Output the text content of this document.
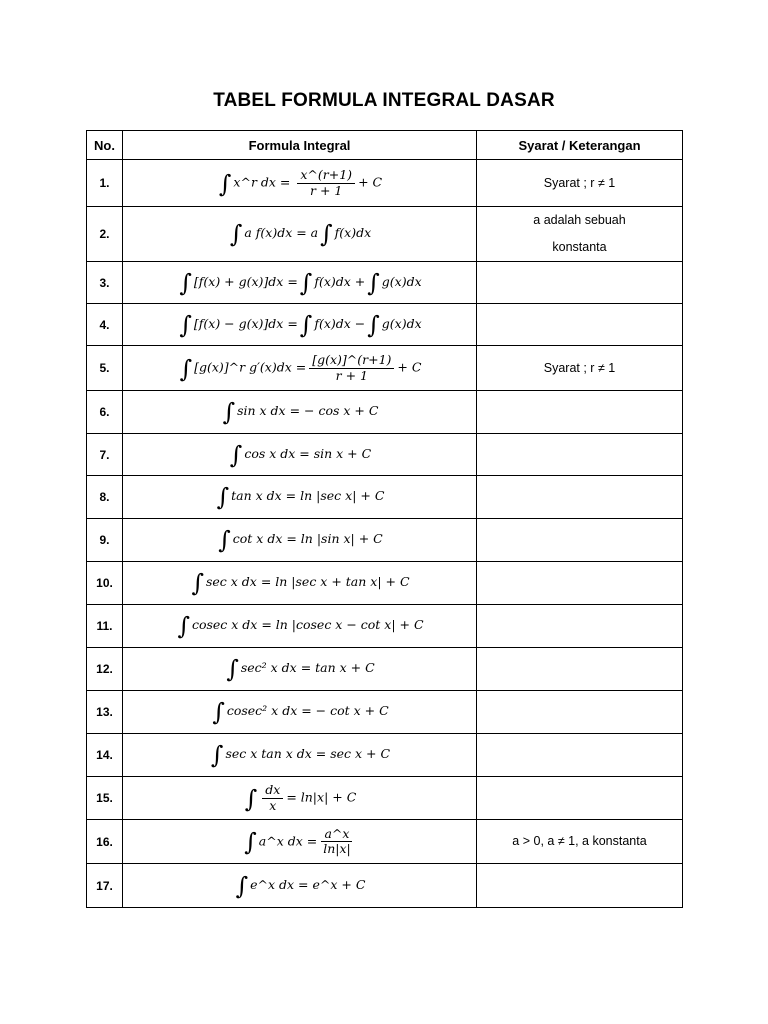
TABEL FORMULA INTEGRAL DASAR
No.	Formula Integral	Syarat / Keterangan
1.	∫ x^r dx = $\frac{x\^{}(r+1)}{r + 1} + C$	Syarat ; r ≠ 1
2.	∫ a f(x)dx = a∫ f(x)dx	a adalah sebuah konstanta
3.	∫ [f(x) + g(x)]dx =∫ f(x)dx +∫ g(x)dx	
4.	∫ [f(x) − g(x)]dx =∫ f(x)dx −∫ g(x)dx	
5.	∫ [g(x)]^r $g'(x)dx = \frac{[g(x)]\^{}(r+1)}{r + 1} + C$	Syarat ; r ≠ 1
6.	∫ sin x dx = − cos x + C	
7.	∫ cos x dx = sin x + C	
8.	∫ tan x dx = ln |sec x| + C	
9.	∫ cot x dx = ln |sin x| + C	
10.	∫ sec x dx = ln |sec x + tan x| + C	
11.	∫ cosec x dx = ln |cosec x − cot x| + C	
12.	∫ sec² x dx = tan x + C	
13.	∫ cosec² x dx = − cot x + C	
14.	∫ sec x tan x dx = sec x + C	
15.	∫ $\frac{dx}{x} = \ln|x| + C$	
16.	∫ a^x dx = $\frac{a\^{}x}{\ln|x|}$	a > 0, a ≠ 1, a konstanta
17.	∫ e^x dx = e^x + C	
